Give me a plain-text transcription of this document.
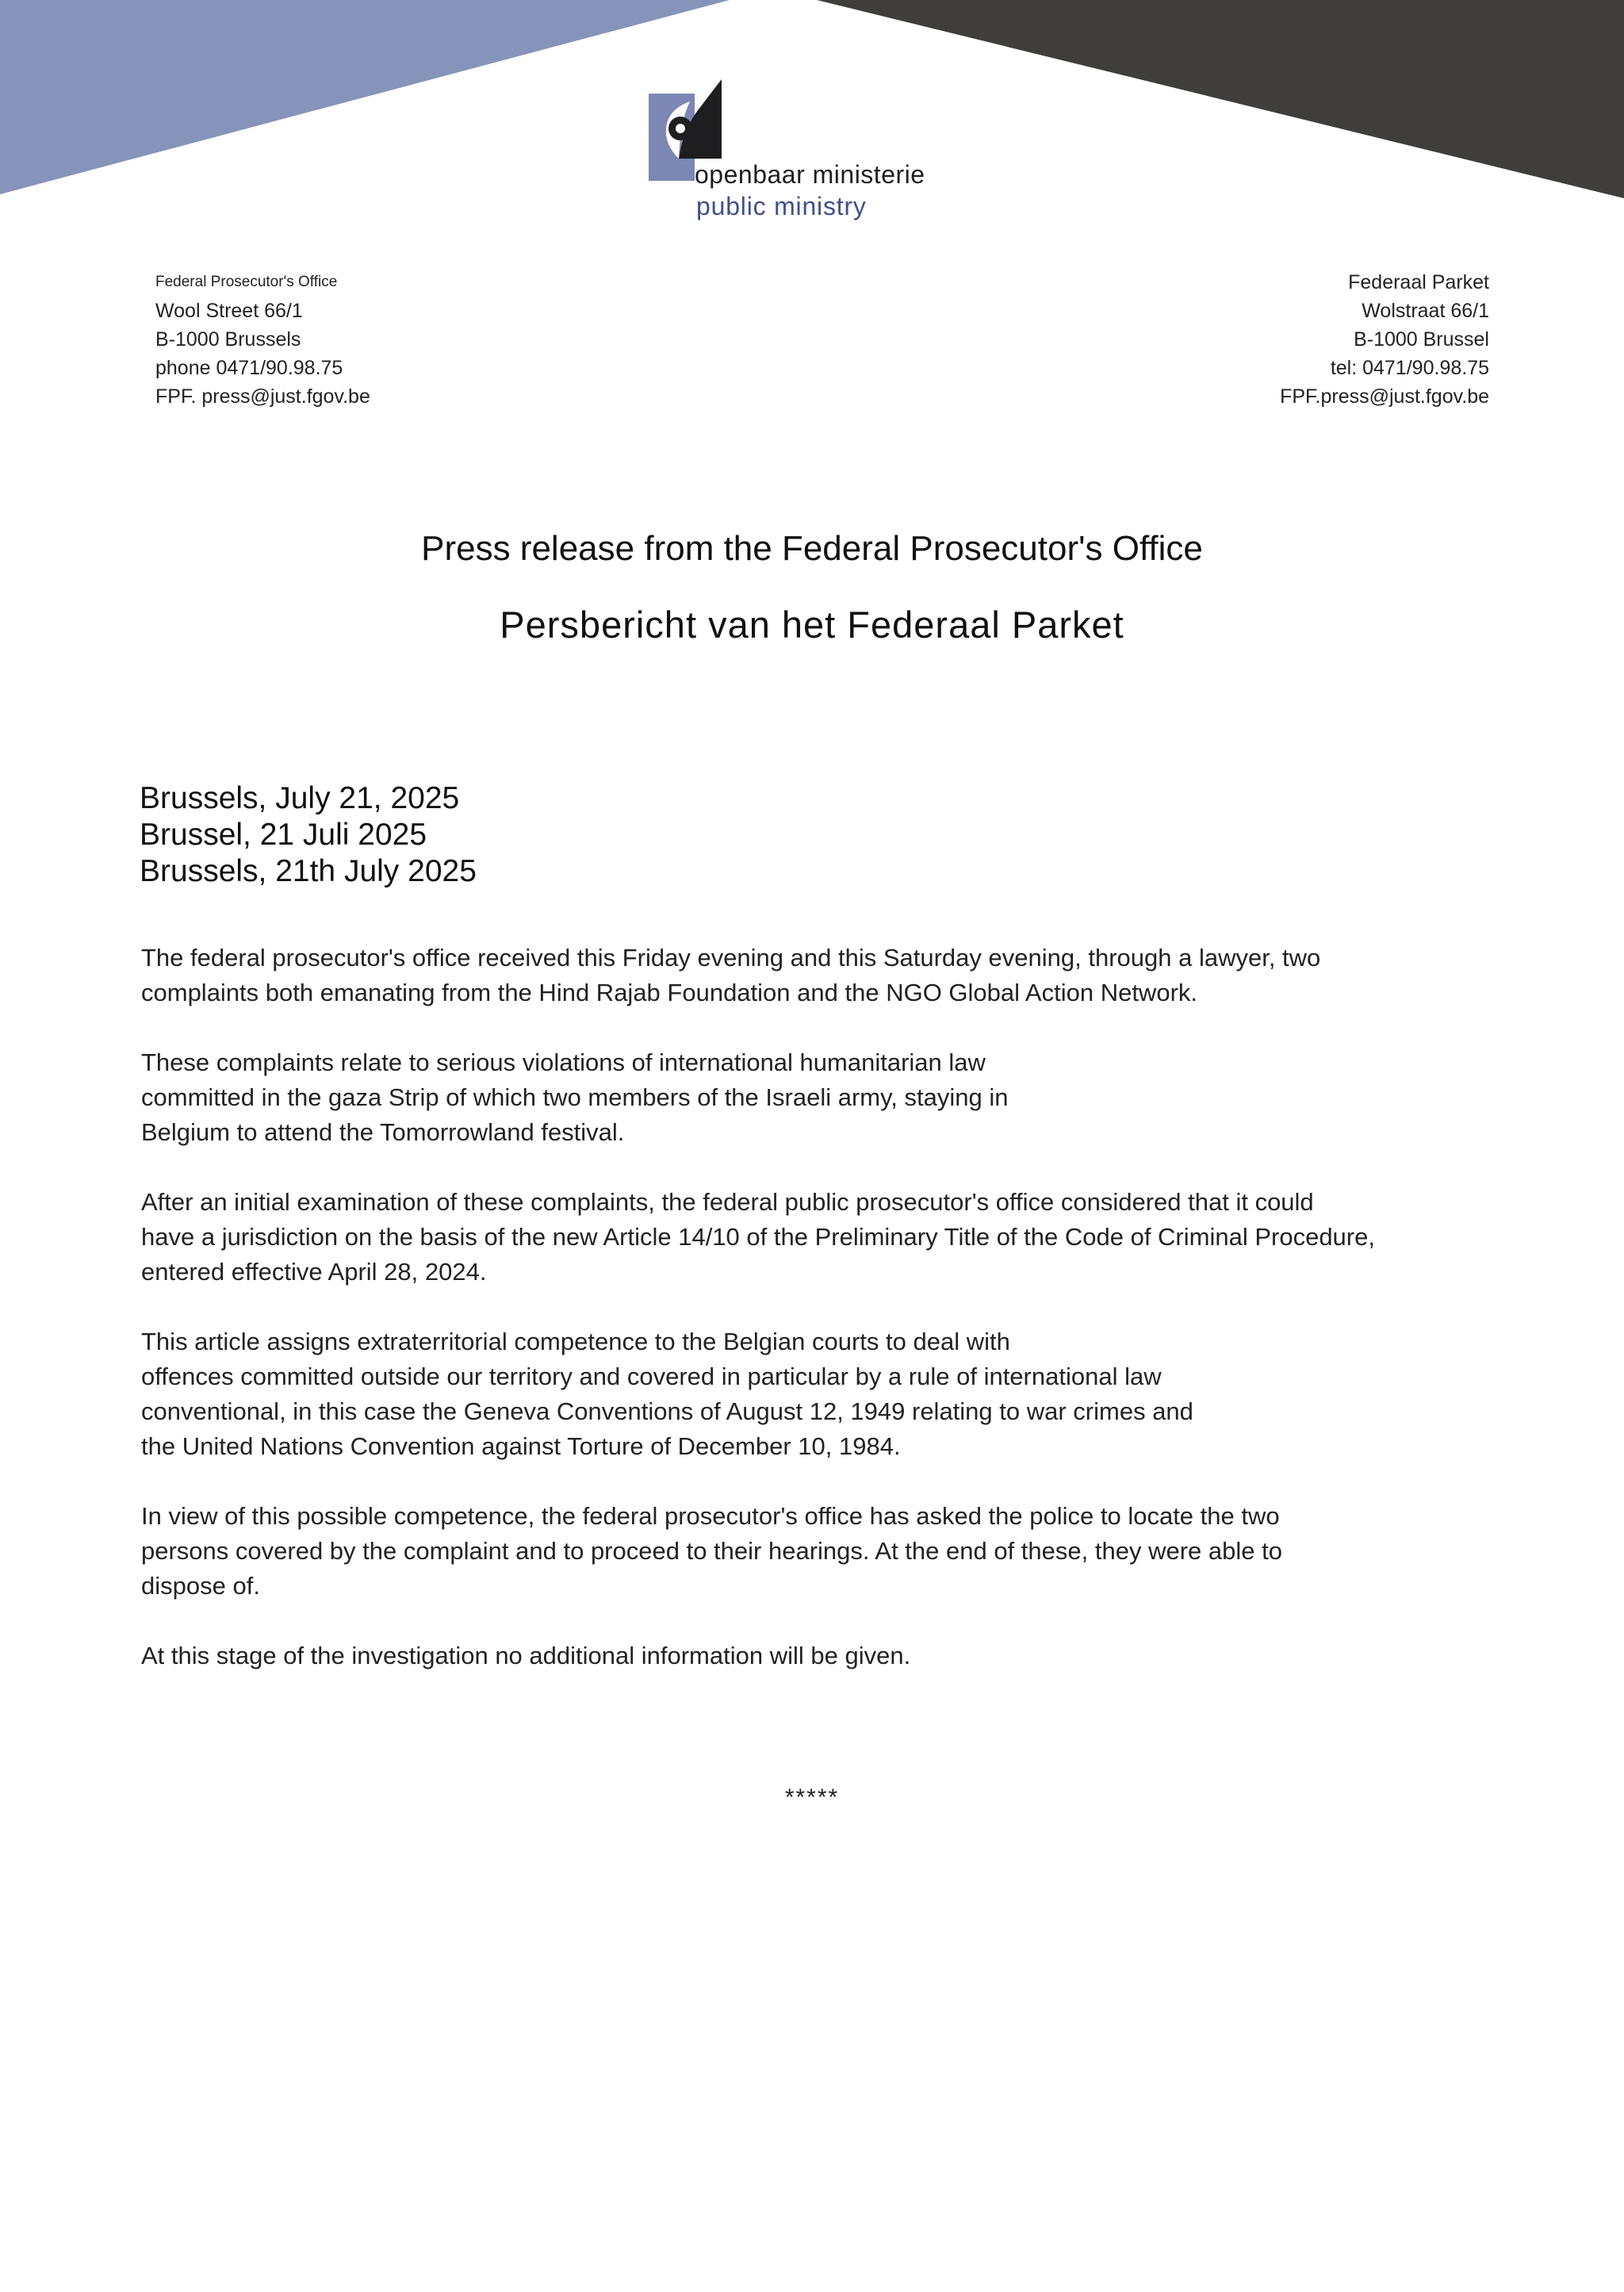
openbaar ministerie
public ministry
Federal Prosecutor's Office
Wool Street 66/1
B-1000 Brussels
phone 0471/90.98.75
FPF. press@just.fgov.be
Federaal Parket
Wolstraat 66/1
B-1000 Brussel
tel: 0471/90.98.75
FPF.press@just.fgov.be
Press release from the Federal Prosecutor's Office
Persbericht van het Federaal Parket
Brussels, July 21, 2025
Brussel, 21 Juli 2025
Brussels, 21th July 2025

The federal prosecutor's office received this Friday evening and this Saturday evening, through a lawyer, two
complaints both emanating from the Hind Rajab Foundation and the NGO Global Action Network.

These complaints relate to serious violations of international humanitarian law
committed in the gaza Strip of which two members of the Israeli army, staying in
Belgium to attend the Tomorrowland festival.

After an initial examination of these complaints, the federal public prosecutor's office considered that it could
have a jurisdiction on the basis of the new Article 14/10 of the Preliminary Title of the Code of Criminal Procedure,
entered effective April 28, 2024.

This article assigns extraterritorial competence to the Belgian courts to deal with
offences committed outside our territory and covered in particular by a rule of international law
conventional, in this case the Geneva Conventions of August 12, 1949 relating to war crimes and
the United Nations Convention against Torture of December 10, 1984.

In view of this possible competence, the federal prosecutor's office has asked the police to locate the two
persons covered by the complaint and to proceed to their hearings. At the end of these, they were able to
dispose of.

At this stage of the investigation no additional information will be given.

*****
